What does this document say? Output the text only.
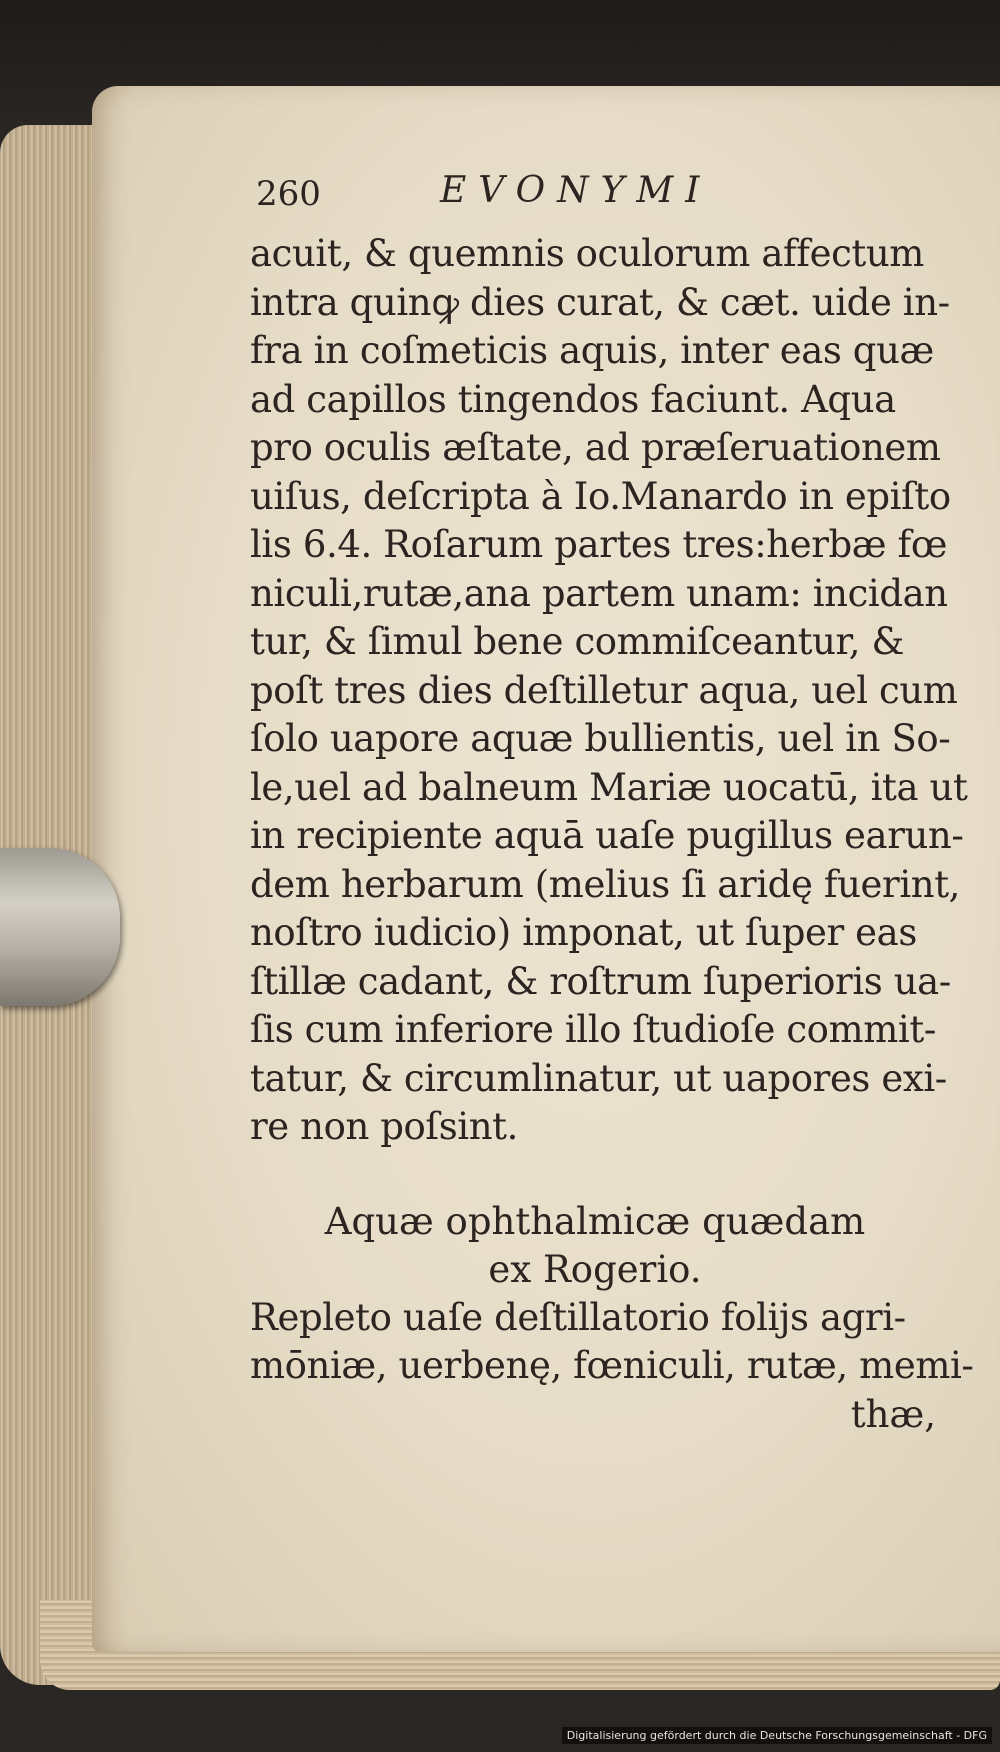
260	EVONYMI
acuit, & quemnis oculorum affectum
intra quinꝙ dies curat, & cæt. uide in-
fra in coſmeticis aquis, inter eas quæ
ad capillos tingendos faciunt. Aqua
pro oculis æſtate, ad præſeruationem
uiſus, deſcripta à Io.Manardo in epiſto
lis 6.4. Roſarum partes tres:herbæ fœ
niculi,rutæ,ana partem unam: incidan
tur, & ſimul bene commiſceantur, &
poſt tres dies deſtilletur aqua, uel cum
ſolo uapore aquæ bullientis, uel in So-
le,uel ad balneum Mariæ uocatū, ita ut
in recipiente aquā uaſe pugillus earun-
dem herbarum (melius ſi aridę fuerint,
noſtro iudicio) imponat, ut ſuper eas
ſtillæ cadant, & roſtrum ſuperioris ua-
ſis cum inferiore illo ſtudioſe commit-
tatur, & circumlinatur, ut uapores exi-
re non poſsint.
Aquæ ophthalmicæ quædam
ex Rogerio.
Repleto uaſe deſtillatorio folijs agri-
mōniæ, uerbenę, fœniculi, rutæ, memi-
thæ,
Digitalisierung gefördert durch die Deutsche Forschungsgemeinschaft - DFG
